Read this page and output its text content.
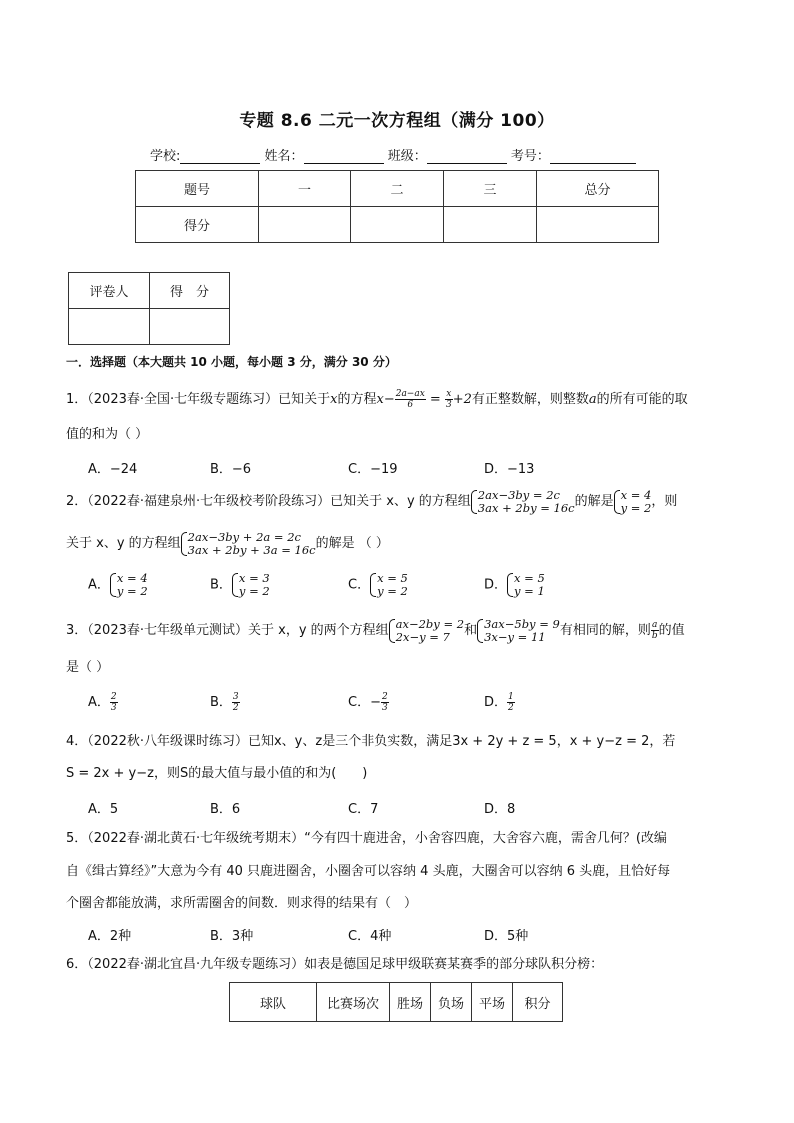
专题 8.6 二元一次方程组（满分 100）
学校:	姓名：	班级：	考号：
题号	一	二	三	总分
得分				
评卷人	得　分

一．选择题（本大题共 10 小题，每小题 3 分，满分 30 分）
1．（2023春·全国·七年级专题练习）已知关于x的方程$x- \frac{2a-ax}{6} = \frac{x}{3} +2$有正整数解，则整数a的所有可能的取
值的和为（ ）
A．−24	B．−6	C．−19	D．−13
2．（2022春·福建泉州·七年级校考阶段练习）已知关于 x、y 的方程组 2ax−3by = 2c
3ax + 2by = 16c 的解是 x = 4
y = 2 ，则
关于 x、y 的方程组 2ax−3by + 2a = 2c
3ax + 2by + 3a = 16c 的解是 （ ）
A． x = 4
y = 2	B． x = 3
y = 2	C． x = 5
y = 2	D． x = 5
y = 1
3．（2023春·七年级单元测试）关于 x，y 的两个方程组 ax−2by = 2
2x−y = 7	和 3ax−5by = 9
3x−y = 11	有相同的解，则 $\frac{a}{b}$ 的值
是（ ）
A． $\frac{2}{3}$	B． $\frac{3}{2}$	C．− $\frac{2}{3}$	D． $\frac{1}{2}$
4．（2022秋·八年级课时练习）已知x、y、z是三个非负实数，满足3x + 2y + z = 5，x + y−z = 2，若
S = 2x + y−z，则S的最大值与最小值的和为(　　)
A．5	B．6	C．7	D．8
5．（2022春·湖北黄石·七年级统考期末）“今有四十鹿进舍，小舍容四鹿，大舍容六鹿，需舍几何？(改编
自《缉古算经》”大意为今有 40 只鹿进圈舍，小圈舍可以容纳 4 头鹿，大圈舍可以容纳 6 头鹿，且恰好每
个圈舍都能放满，求所需圈舍的间数．则求得的结果有（　）
A．2种	B．3种	C．4种	D．5种
6．（2022春·湖北宜昌·九年级专题练习）如表是德国足球甲级联赛某赛季的部分球队积分榜：
球队	比赛场次	胜场	负场	平场	积分
